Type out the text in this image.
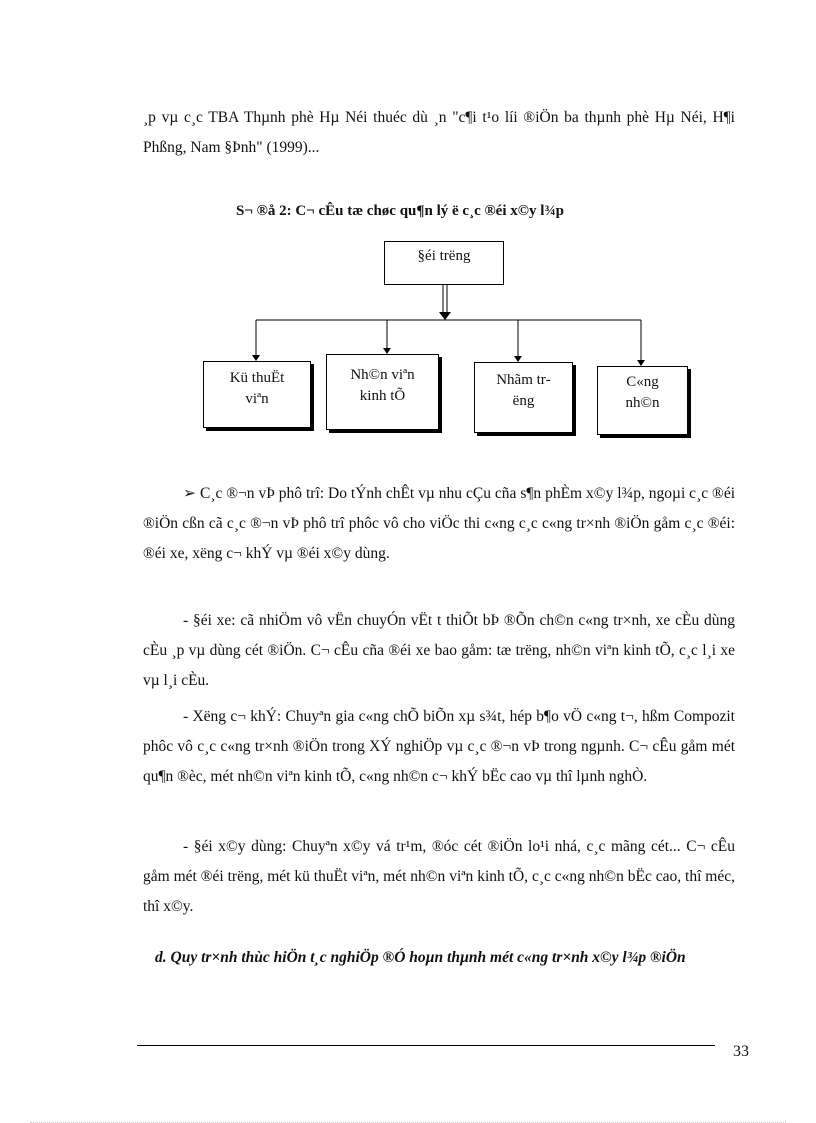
¸p vµ c¸c TBA Thµnh phè Hµ Néi thuéc dù ¸n "c¶i t¹o líi ®iÖn ba thµnh phè Hµ Néi, H¶i Phßng, Nam §Þnh" (1999)...
S¬ ®å 2: C¬ cÊu tæ chøc qu¶n lý ë c¸c ®éi x©y l¾p
§éi trëng
Kü thuËt viªn
Nh©n viªn kinh tÕ
Nhãm trëng
C«ng nh©n
➢ C¸c ®¬n vÞ phô trî: Do tÝnh chÊt vµ nhu cÇu cña s¶n phÈm x©y l¾p, ngoµi c¸c ®éi ®iÖn cßn cã c¸c ®¬n vÞ phô trî phôc vô cho viÖc thi c«ng c¸c c«ng tr×nh ®iÖn gåm c¸c ®éi: ®éi xe, xëng c¬ khÝ vµ ®éi x©y dùng.
- §éi xe: cã nhiÖm vô vËn chuyÓn vËt t thiÕt bÞ ®Õn ch©n c«ng tr×nh, xe cÈu dùng cÈu ¸p vµ dùng cét ®iÖn. C¬ cÊu cña ®éi xe bao gåm: tæ trëng, nh©n viªn kinh tÕ, c¸c l¸i xe vµ l¸i cÈu.
- Xëng c¬ khÝ: Chuyªn gia c«ng chÕ biÕn xµ s¾t, hép b¶o vÖ c«ng t¬, hßm Compozit phôc vô c¸c c«ng tr×nh ®iÖn trong XÝ nghiÖp vµ c¸c ®¬n vÞ trong ngµnh. C¬ cÊu gåm mét qu¶n ®èc, mét nh©n viªn kinh tÕ, c«ng nh©n c¬ khÝ bËc cao vµ thî lµnh nghÒ.
- §éi x©y dùng: Chuyªn x©y vá tr¹m, ®óc cét ®iÖn lo¹i nhá, c¸c mãng cét... C¬ cÊu gåm mét ®éi trëng, mét kü thuËt viªn, mét nh©n viªn kinh tÕ, c¸c c«ng nh©n bËc cao, thî méc, thî x©y.
d. Quy tr×nh thùc hiÖn t¸c nghiÖp ®Ó hoµn thµnh mét c«ng tr×nh x©y l¾p ®iÖn
33
